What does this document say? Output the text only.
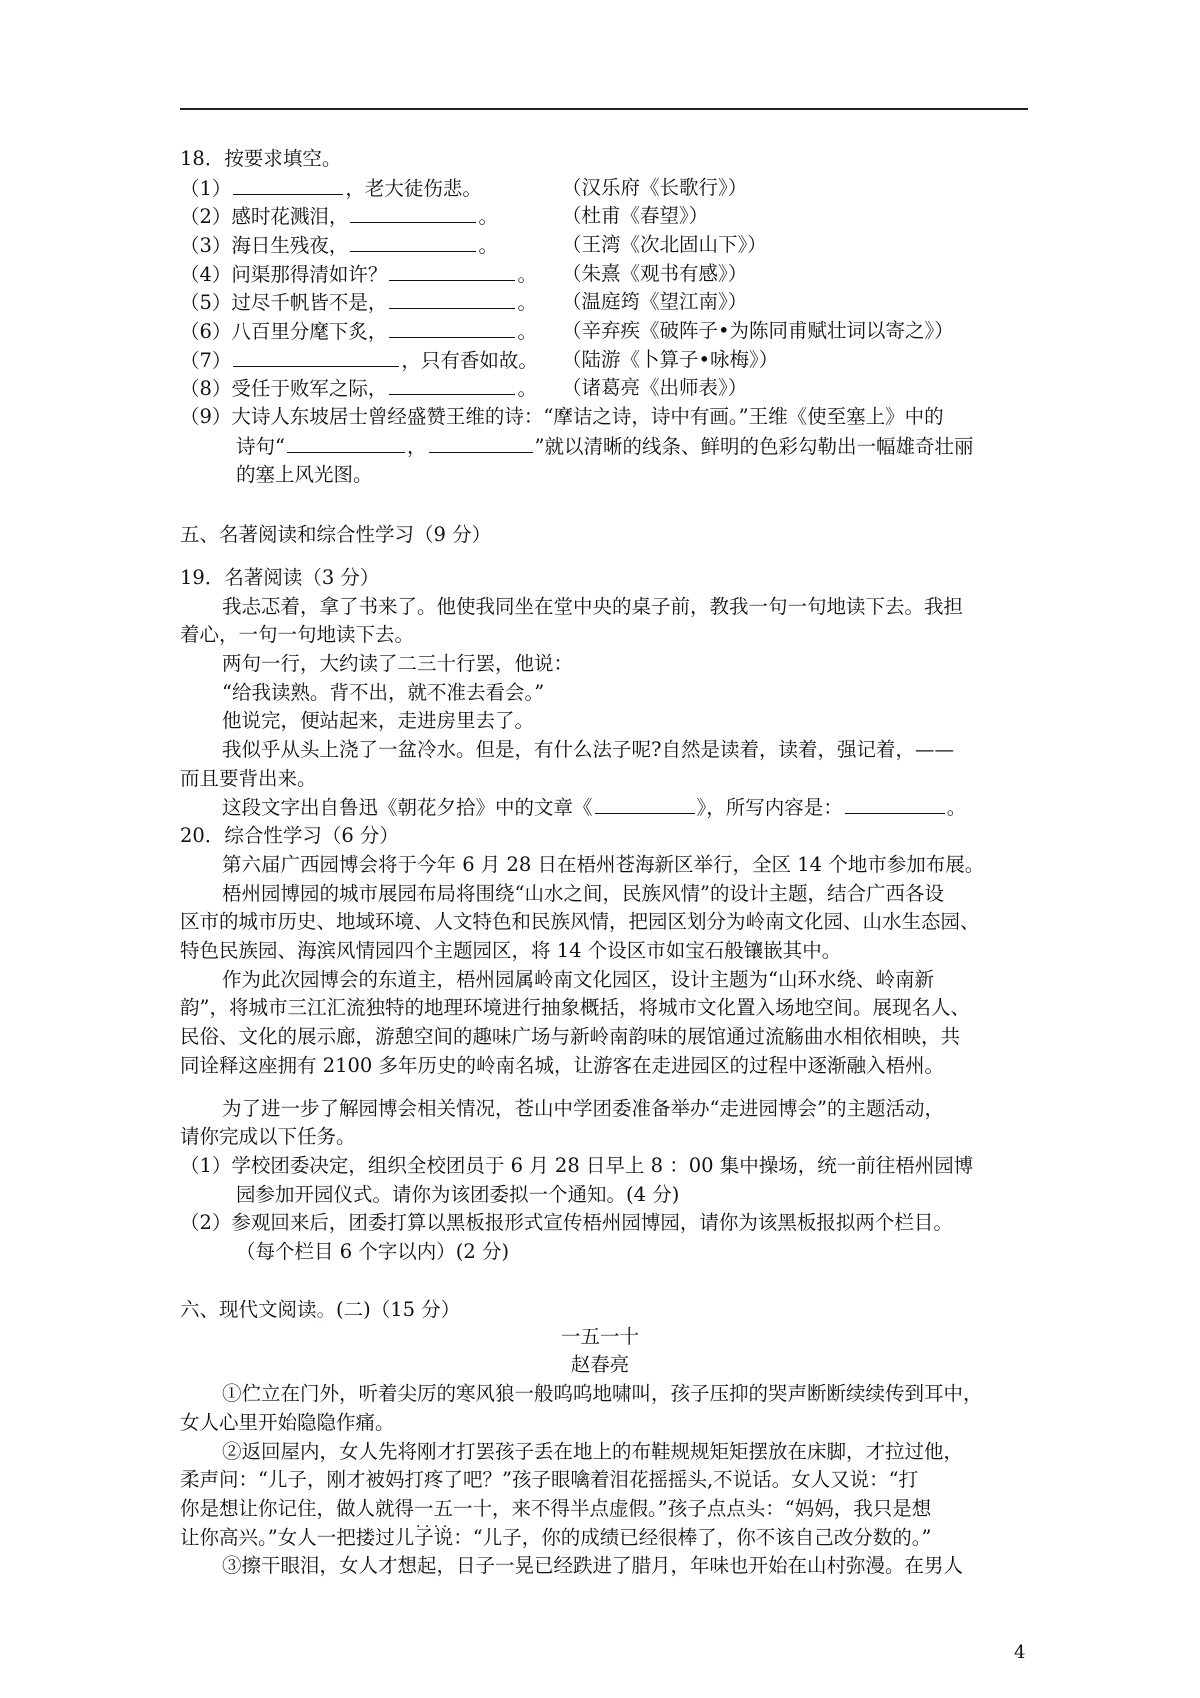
18．按要求填空。
（1）	，老大徒伤悲。	（汉乐府《长歌行》）
（2）感时花溅泪，	。	（杜甫《春望》）
（3）海日生残夜，	。	（王湾《次北固山下》）
（4）问渠那得清如许？	。 （朱熹《观书有感》）
（5）过尽千帆皆不是，	。 （温庭筠《望江南》）
（6）八百里分麾下炙，	。 （辛弃疾《破阵子•为陈同甫赋壮词以寄之》）
（7）	，只有香如故。 （陆游《卜算子•咏梅》）
（8）受任于败军之际，	。 （诸葛亮《出师表》）
（9）大诗人东坡居士曾经盛赞王维的诗：“摩诘之诗，诗中有画。”王维《使至塞上》中的
诗句“	，	”就以清晰的线条、鲜明的色彩勾勒出一幅雄奇壮丽
的塞上风光图。
五、名著阅读和综合性学习（9 分）
19．名著阅读（3 分）
我忐忑着，拿了书来了。他使我同坐在堂中央的桌子前，教我一句一句地读下去。我担
着心，一句一句地读下去。
两句一行，大约读了二三十行罢，他说：
“给我读熟。背不出，就不准去看会。”
他说完，便站起来，走进房里去了。
我似乎从头上浇了一盆冷水。但是，有什么法子呢?自然是读着，读着，强记着，——
而且要背出来。
这段文字出自鲁迅《朝花夕拾》中的文章《	》，所写内容是：	。
20．综合性学习（6 分）
第六届广西园博会将于今年 6 月 28 日在梧州苍海新区举行，全区 14 个地市参加布展。
梧州园博园的城市展园布局将围绕“山水之间，民族风情”的设计主题，结合广西各设
区市的城市历史、地域环境、人文特色和民族风情，把园区划分为岭南文化园、山水生态园、
特色民族园、海滨风情园四个主题园区，将 14 个设区市如宝石般镶嵌其中。
作为此次园博会的东道主，梧州园属岭南文化园区，设计主题为“山环水绕、岭南新
韵”，将城市三江汇流独特的地理环境进行抽象概括，将城市文化置入场地空间。展现名人、
民俗、文化的展示廊，游憩空间的趣味广场与新岭南韵味的展馆通过流觞曲水相依相映，共
同诠释这座拥有 2100 多年历史的岭南名城，让游客在走进园区的过程中逐渐融入梧州。
为了进一步了解园博会相关情况，苍山中学团委准备举办“走进园博会”的主题活动，
请你完成以下任务。
（1）学校团委决定，组织全校团员于 6 月 28 日早上 8 ：00 集中操场，统一前往梧州园博
园参加开园仪式。请你为该团委拟一个通知。(4 分)
（2）参观回来后，团委打算以黑板报形式宣传梧州园博园，请你为该黑板报拟两个栏目。
（每个栏目 6 个字以内）(2 分)
六、现代文阅读。(二)（15 分）
一五一十
赵春亮
①伫立在门外，听着尖厉的寒风狼一般呜呜地啸叫，孩子压抑的哭声断断续续传到耳中，
女人心里开始隐隐作痛。
②返回屋内，女人先将刚才打罢孩子丢在地上的布鞋规规矩矩摆放在床脚，才拉过他，
柔声问：“儿子，刚才被妈打疼了吧？”孩子眼噙着泪花摇摇头,不说话。女人又说：“打
你是想让你记住，做人就得一五一十 · ·，来不得半点虚假。”孩子点点头：“妈妈，我只是想
让你高兴。”女人一把搂过儿子说：“儿子，你的成绩已经很棒了，你不该自己改分数的。”
③擦干眼泪，女人才想起，日子一晃已经跌进了腊月，年味也开始在山村弥漫。在男人
4
